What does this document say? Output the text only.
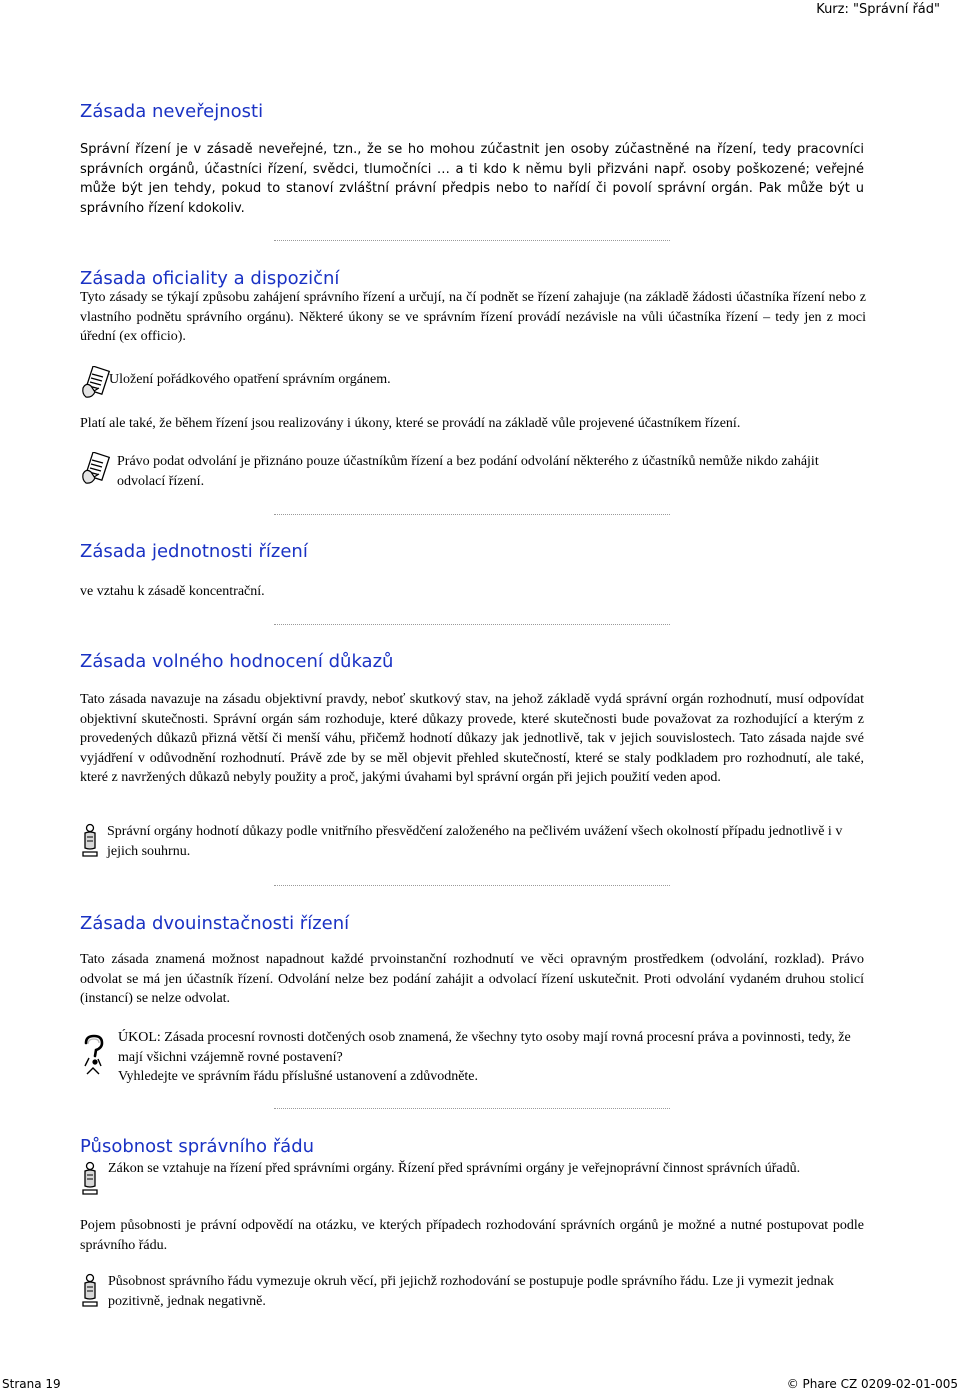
Kurz: "Správní řád"
Zásada neveřejnosti

Správní řízení je v zásadě neveřejné, tzn., že se ho mohou zúčastnit jen osoby zúčastněné na řízení, tedy pracovníci správních orgánů, účastníci řízení, svědci, tlumočníci … a ti kdo k němu byli přizváni např. osoby poškozené; veřejné může být jen tehdy, pokud to stanoví zvláštní právní předpis nebo to nařídí či povolí správní orgán. Pak může být u správního řízení kdokoliv.

Zásada oficiality a dispoziční

Tyto zásady se týkají způsobu zahájení správního řízení a určují, na čí podnět se řízení zahajuje (na základě žádosti účastníka řízení nebo z vlastního podnětu správního orgánu). Některé úkony se ve správním řízení provádí nezávisle na vůli účastníka řízení – tedy jen z moci úřední (ex officio).

Uložení pořádkového opatření správním orgánem.

Platí ale také, že během řízení jsou realizovány i úkony, které se provádí na základě vůle projevené účastníkem řízení.

Právo podat odvolání je přiznáno pouze účastníkům řízení a bez podání odvolání některého z účastníků nemůže nikdo zahájit odvolací řízení.

Zásada jednotnosti řízení

ve vztahu k zásadě koncentrační.

Zásada volného hodnocení důkazů

Tato zásada navazuje na zásadu objektivní pravdy, neboť skutkový stav, na jehož základě vydá správní orgán rozhodnutí, musí odpovídat objektivní skutečnosti. Správní orgán sám rozhoduje, které důkazy provede, které skutečnosti bude považovat za rozhodující a kterým z provedených důkazů přizná větší či menší váhu, přičemž hodnotí důkazy jak jednotlivě, tak v jejich souvislostech. Tato zásada najde své vyjádření v odůvodnění rozhodnutí. Právě zde by se měl objevit přehled skutečností, které se staly podkladem pro rozhodnutí, ale také, které z navržených důkazů nebyly použity a proč, jakými úvahami byl správní orgán při jejich použití veden apod.

Správní orgány hodnotí důkazy podle vnitřního přesvědčení založeného na pečlivém uvážení všech okolností případu jednotlivě i v jejich souhrnu.

Zásada dvouinstačnosti řízení

Tato zásada znamená možnost napadnout každé prvoinstanční rozhodnutí ve věci opravným prostředkem (odvolání, rozklad). Právo odvolat se má jen účastník řízení. Odvolání nelze bez podání zahájit a odvolací řízení uskutečnit. Proti odvolání vydaném druhou stolicí (instancí) se nelze odvolat.

ÚKOL: Zásada procesní rovnosti dotčených osob znamená, že všechny tyto osoby mají rovná procesní práva a povinnosti, tedy, že mají všichni vzájemně rovné postavení?

Vyhledejte ve správním řádu příslušné ustanovení a zdůvodněte.

Působnost správního řádu

Zákon se vztahuje na řízení před správními orgány. Řízení před správními orgány je veřejnoprávní činnost správních úřadů.

Pojem působnosti je právní odpovědí na otázku, ve kterých případech rozhodování správních orgánů je možné a nutné postupovat podle správního řádu.

Působnost správního řádu vymezuje okruh věcí, při jejichž rozhodování se postupuje podle správního řádu. Lze ji vymezit jednak pozitivně, jednak negativně.

Strana 19	© Phare CZ 0209-02-01-005
